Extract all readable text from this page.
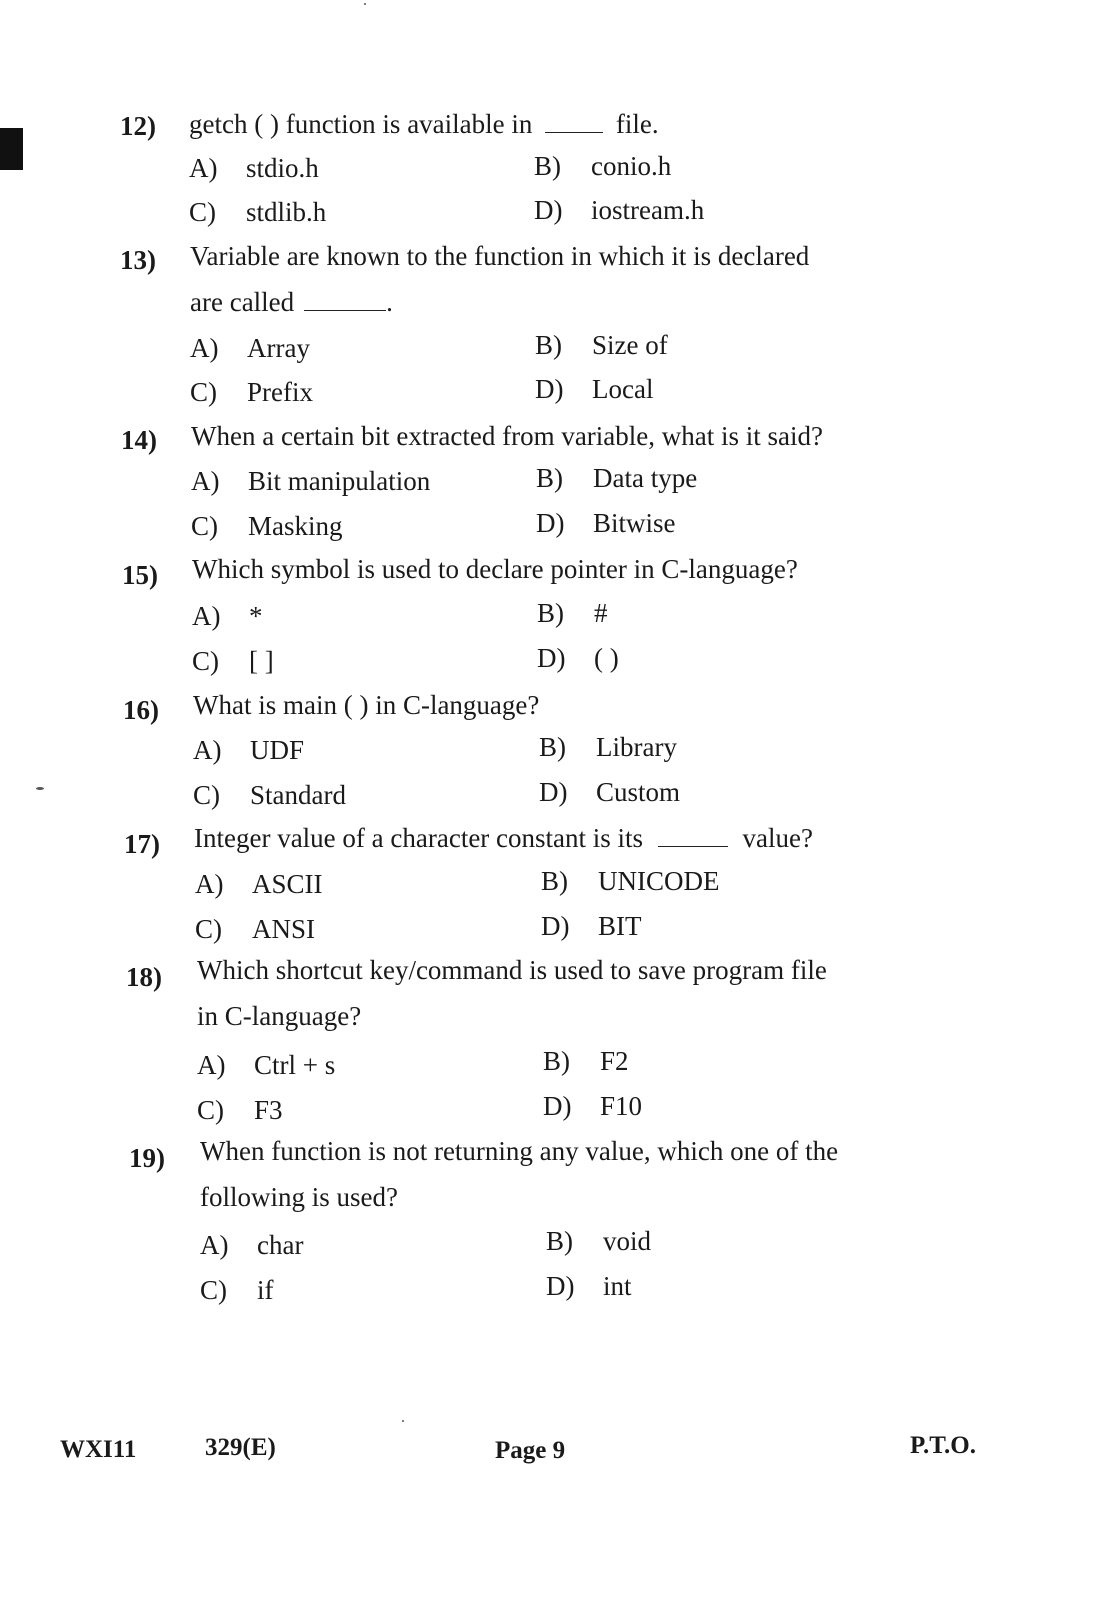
12) getch ( ) function is available in	file.
A) stdio.h	B) conio.h
C) stdlib.h	D) iostream.h
13) Variable are known to the function in which it is declared
are called	.
A) Array	B) Size of
C) Prefix	D) Local
14) When a certain bit extracted from variable, what is it said?
A) Bit manipulation	B) Data type
C) Masking	D) Bitwise
15) Which symbol is used to declare pointer in C-language?
A) *	B) #
C) [ ]	D) ( )
16) What is main ( ) in C-language?
A) UDF	B) Library
C) Standard	D) Custom
17) Integer value of a character constant is its	value?
A) ASCII	B) UNICODE
C) ANSI	D) BIT
18) Which shortcut key/command is used to save program file
in C-language?
A) Ctrl + s	B) F2
C) F3	D) F10
19) When function is not returning any value, which one of the
following is used?
A) char	B) void
C) if	D) int
WXI11	329(E)	Page 9	P.T.O.
